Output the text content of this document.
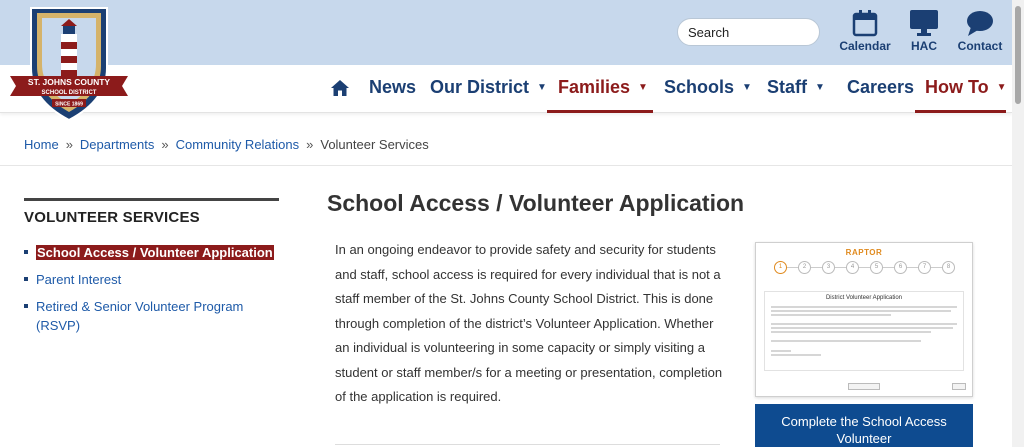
Search
Calendar	HAC	Contact
News Our District ▼ Families ▼ Schools ▼ Staff ▼ Careers How To ▼
ST. JOHNS COUNTY
SCHOOL DISTRICT
SINCE 1869
Home » Departments » Community Relations » Volunteer Services
VOLUNTEER SERVICES
School Access / Volunteer Application
Parent Interest
Retired & Senior Volunteer Program (RSVP)
School Access / Volunteer Application

In an ongoing endeavor to provide safety and security for students and staff, school access is required for every individual that is not a staff member of the St. Johns County School District. This is done through completion of the district’s Volunteer Application. Whether an individual is volunteering in some capacity or simply visiting a student or staff member/s for a meeting or presentation, completion of the application is required.

RAPTOR
1	2	3	4	5	6	7	8
District Volunteer Application
Complete the School Access Volunteer
